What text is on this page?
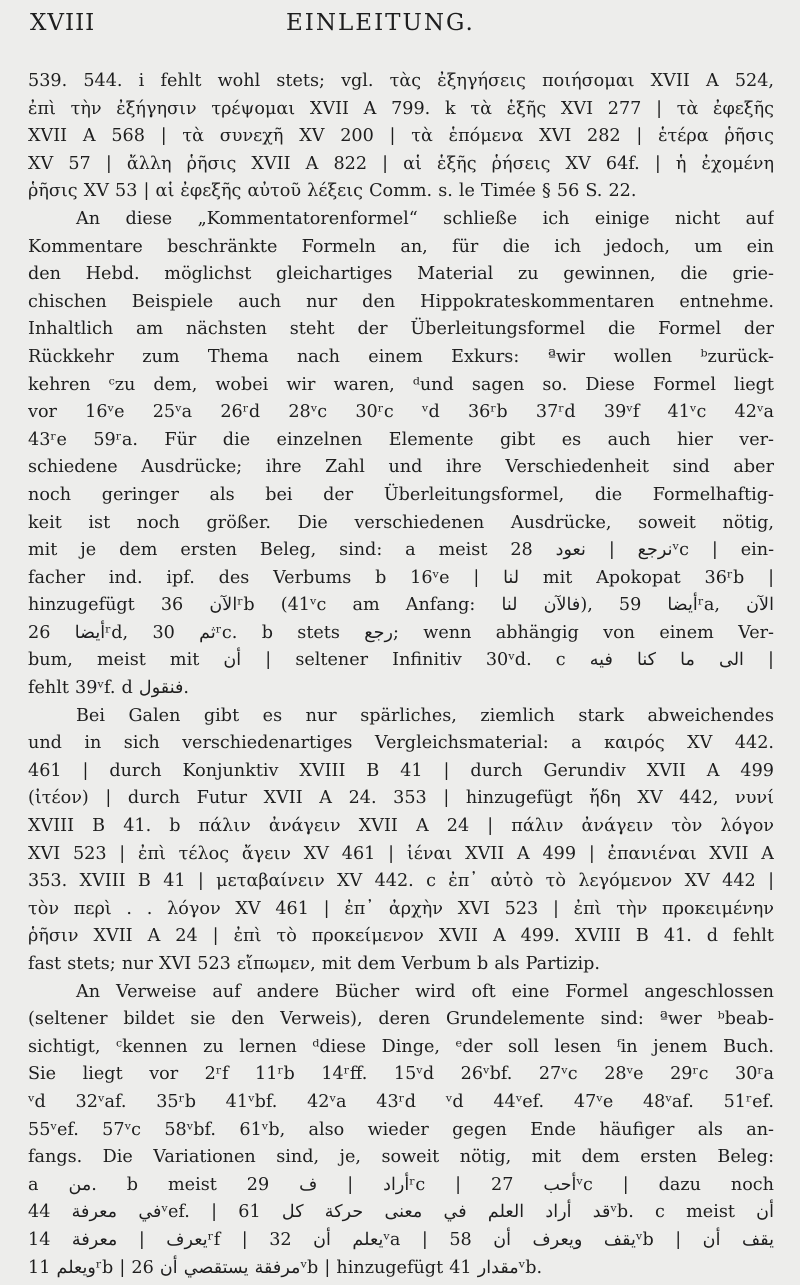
XVIII	EINLEITUNG.
539. 544. i fehlt wohl stets; vgl. τὰς ἐξηγήσεις ποιήσομαι XVII A 524,
ἐπὶ τὴν ἐξήγησιν τρέψομαι XVII A 799. k τὰ ἑξῆς XVI 277 | τὰ ἐφεξῆς
XVII A 568 | τὰ συνεχῆ XV 200 | τὰ ἑπόμενα XVI 282 | ἑτέρα ῥῆσις
XV 57 | ἄλλη ῥῆσις XVII A 822 | αἱ ἑξῆς ῥήσεις XV 64f. | ἡ ἐχομένη
ῥῆσις XV 53 | αἱ ἐφεξῆς αὐτοῦ λέξεις Comm. s. le Timée § 56 S. 22.
An diese „Kommentatorenformel“ schließe ich einige nicht auf
Kommentare beschränkte Formeln an, für die ich jedoch, um ein
den Hebd. möglichst gleichartiges Material zu gewinnen, die grie-
chischen Beispiele auch nur den Hippokrateskommentaren entnehme.
Inhaltlich am nächsten steht der Überleitungsformel die Formel der
Rückkehr zum Thema nach einem Exkurs: ªwir wollen ᵇzurück-
kehren ᶜzu dem, wobei wir waren, ᵈund sagen so. Diese Formel liegt
vor 16ᵛe 25ᵛa 26ʳd 28ᵛc 30ʳc ᵛd 36ʳb 37ʳd 39ᵛf 41ᵛc 42ᵛa
43ʳe 59ʳa. Für die einzelnen Elemente gibt es auch hier ver-
schiedene Ausdrücke; ihre Zahl und ihre Verschiedenheit sind aber
noch geringer als bei der Überleitungsformel, die Formelhaftig-
keit ist noch größer. Die verschiedenen Ausdrücke, soweit nötig,
mit je dem ersten Beleg, sind: a meist نرجع | نعود 28ᵛc | ein-
facher ind. ipf. des Verbums b 16ᵛe | لنا mit Apokopat 36ʳb |
hinzugefügt الآن 36ʳb (41ᵛc am Anfang: فالآن لنا), أيضا 59ʳa, الآن
أيضا 26ʳd, ثم 30ʳc. b stets رجع; wenn abhängig von einem Ver-
bum, meist mit أن | seltener Infinitiv 30ᵛd. c الى ما كنا فيه |
fehlt 39ᵛf. d فنقول.
Bei Galen gibt es nur spärliches, ziemlich stark abweichendes
und in sich verschiedenartiges Vergleichsmaterial: a καιρός XV 442.
461 | durch Konjunktiv XVIII B 41 | durch Gerundiv XVII A 499
(ἰτέον) | durch Futur XVII A 24. 353 | hinzugefügt ἤδη XV 442, νυνί
XVIII B 41. b πάλιν ἀνάγειν XVII A 24 | πάλιν ἀνάγειν τὸν λόγον
XVI 523 | ἐπὶ τέλος ἄγειν XV 461 | ἰέναι XVII A 499 | ἐπανιέναι XVII A
353. XVIII B 41 | μεταβαίνειν XV 442. c ἐπ᾽ αὐτὸ τὸ λεγόμενον XV 442 |
τὸν περὶ . . λόγον XV 461 | ἐπ᾽ ἀρχὴν XVI 523 | ἐπὶ τὴν προκειμένην
ῥῆσιν XVII A 24 | ἐπὶ τὸ προκείμενον XVII A 499. XVIII B 41. d fehlt
fast stets; nur XVI 523 εἴπωμεν, mit dem Verbum b als Partizip.
An Verweise auf andere Bücher wird oft eine Formel angeschlossen
(seltener bildet sie den Verweis), deren Grundelemente sind: ªwer ᵇbeab-
sichtigt, ᶜkennen zu lernen ᵈdiese Dinge, ᵉder soll lesen ᶠin jenem Buch.
Sie liegt vor 2ʳf 11ʳb 14ʳff. 15ᵛd 26ᵛbf. 27ᵛc 28ᵛe 29ʳc 30ʳa
ᵛd 32ᵛaf. 35ʳb 41ᵛbf. 42ᵛa 43ʳd ᵛd 44ᵛef. 47ᵛe 48ᵛaf. 51ʳef.
55ᵛef. 57ᵛc 58ᵛbf. 61ᵛb, also wieder gegen Ende häufiger als an-
fangs. Die Variationen sind, je, soweit nötig, mit dem ersten Beleg:
a من. b meist أراد | ف 29ʳc | أحب 27ᵛc | dazu noch
في معرفة 44ᵛef. | قد أراد العلم في معنى حرکة كل 61ᵛb. c meist أن
يعرف | معرفة 14ʳf | يعلم أن 32ᵛa | يقف ويعرف أن 58ᵛb | يقف أن
ويعلم 11ʳb | مرفقة يستقصي أن 26ᵛb | hinzugefügt مقدار 41ᵛb.
